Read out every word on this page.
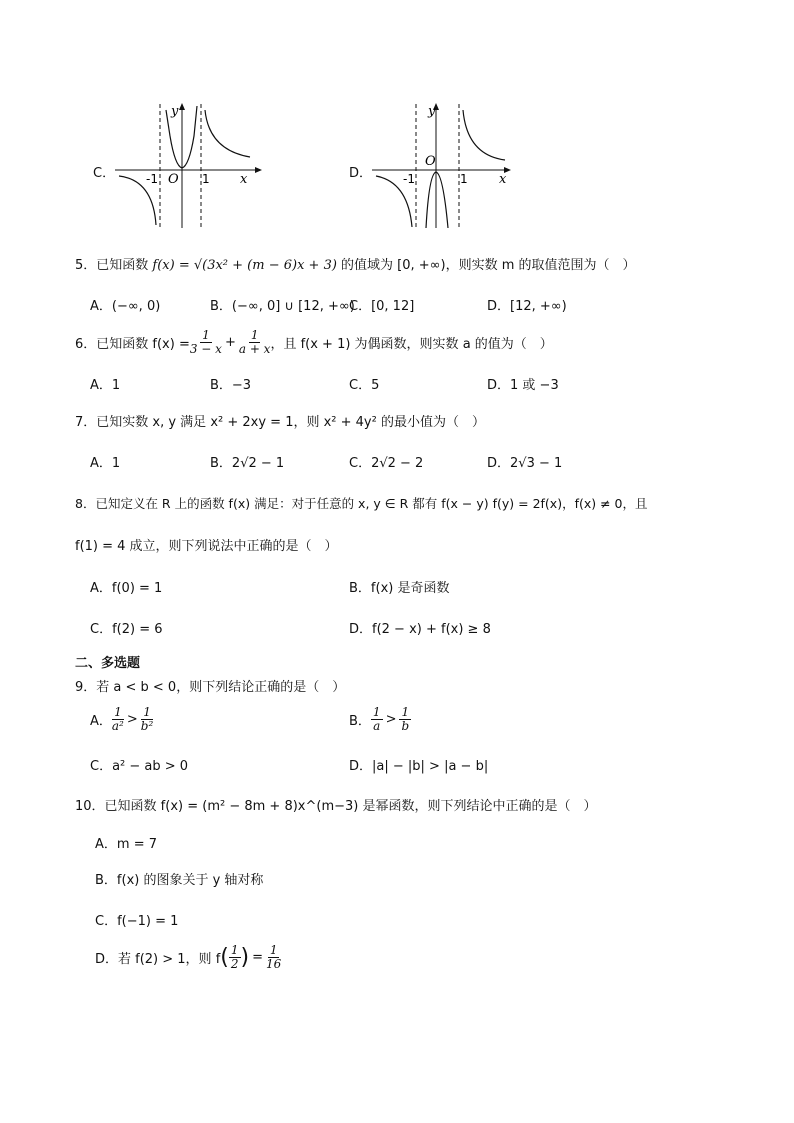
C．
y
x
O
-1	1	D．
y
x
O
-1	1
5．已知函数 f(x) = √(3x² + (m − 6)x + 3) 的值域为 [0, +∞)，则实数 m 的取值范围为（　）
A．(−∞, 0)	B．(−∞, 0] ∪ [12, +∞)
C．[0, 12]	D．[12, +∞)
6．已知函数 $f(x) = \frac{1}{3 - x} + \frac{1}{a + x}$ ，且 f(x + 1) 为偶函数，则实数 a 的值为（　）
A．1	B．−3	C．5	D．1 或 −3
7．已知实数 x, y 满足 x² + 2xy = 1，则 x² + 4y² 的最小值为（　）
A．1	B．2√2 − 1	C．2√2 − 2	D．2√3 − 1
8．已知定义在 R 上的函数 f(x) 满足：对于任意的 x, y ∈ R 都有 f(x − y) f(y) = 2f(x)，f(x) ≠ 0，且
f(1) = 4 成立，则下列说法中正确的是（　）
A．f(0) = 1	B．f(x) 是奇函数
C．f(2) = 6	D．f(2 − x) + f(x) ≥ 8
二、多选题
9．若 a < b < 0，则下列结论正确的是（　）
A． $\frac{1}{\text{a²}} > \frac{1}{\text{b²}}$	B． $\frac{1}{a} > \frac{1}{b}$
C．a² − ab > 0	D．|a| − |b| > |a − b|
10．已知函数 f(x) = (m² − 8m + 8)x^(m−3) 是幂函数，则下列结论中正确的是（　）
A．m = 7
B．f(x) 的图象关于 y 轴对称
C．f(−1) = 1
D．若 f(2) > 1，则 f ( $\frac{1}{2}$ ) = $\frac{1}{16}$
